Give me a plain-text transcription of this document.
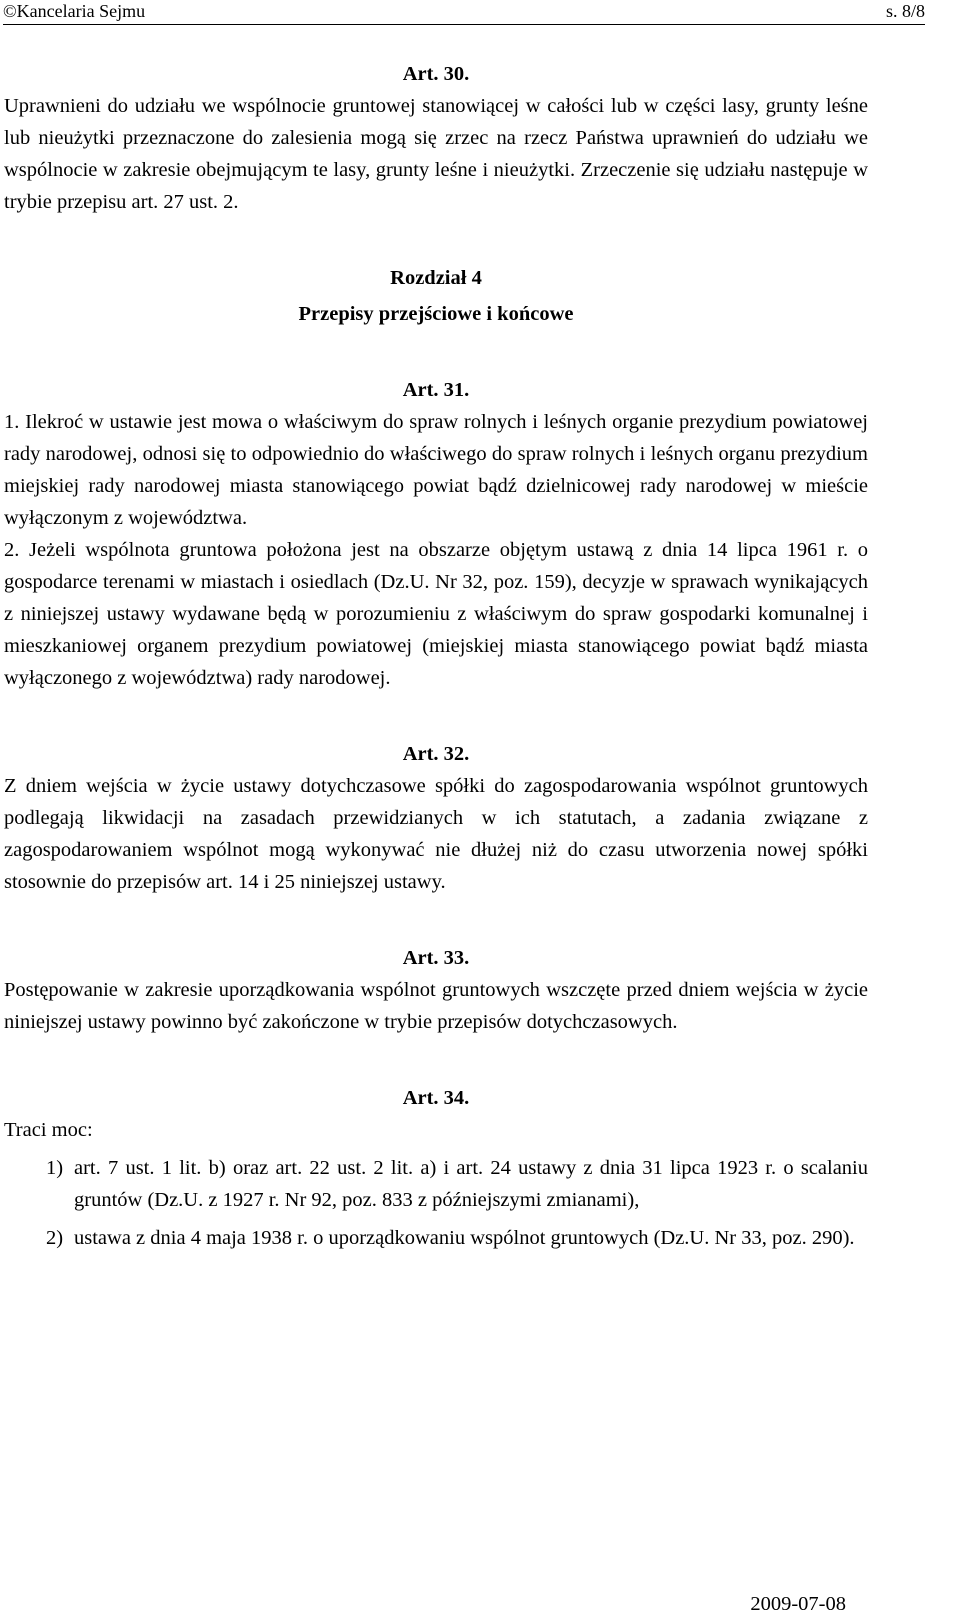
©Kancelaria Sejmu	s. 8/8
Art. 30.

Uprawnieni do udziału we wspólnocie gruntowej stanowiącej w całości lub w części lasy, grunty leśne lub nieużytki przeznaczone do zalesienia mogą się zrzec na rzecz Państwa uprawnień do udziału we wspólnocie w zakresie obejmującym te lasy, grunty leśne i nieużytki. Zrzeczenie się udziału następuje w trybie przepisu art. 27 ust. 2.

Rozdział 4
Przepisy przejściowe i końcowe
Art. 31.

1. Ilekroć w ustawie jest mowa o właściwym do spraw rolnych i leśnych organie prezydium powiatowej rady narodowej, odnosi się to odpowiednio do właściwego do spraw rolnych i leśnych organu prezydium miejskiej rady narodowej miasta stanowiącego powiat bądź dzielnicowej rady narodowej w mieście wyłączonym z województwa.

2. Jeżeli wspólnota gruntowa położona jest na obszarze objętym ustawą z dnia 14 lipca 1961 r. o gospodarce terenami w miastach i osiedlach (Dz.U. Nr 32, poz. 159), decyzje w sprawach wynikających z niniejszej ustawy wydawane będą w porozumieniu z właściwym do spraw gospodarki komunalnej i mieszkaniowej organem prezydium powiatowej (miejskiej miasta stanowiącego powiat bądź miasta wyłączonego z województwa) rady narodowej.

Art. 32.

Z dniem wejścia w życie ustawy dotychczasowe spółki do zagospodarowania wspólnot gruntowych podlegają likwidacji na zasadach przewidzianych w ich statutach, a zadania związane z zagospodarowaniem wspólnot mogą wykonywać nie dłużej niż do czasu utworzenia nowej spółki stosownie do przepisów art. 14 i 25 niniejszej ustawy.

Art. 33.

Postępowanie w zakresie uporządkowania wspólnot gruntowych wszczęte przed dniem wejścia w życie niniejszej ustawy powinno być zakończone w trybie przepisów dotychczasowych.

Art. 34.

Traci moc:

1) art. 7 ust. 1 lit. b) oraz art. 22 ust. 2 lit. a) i art. 24 ustawy z dnia 31 lipca 1923 r. o scalaniu gruntów (Dz.U. z 1927 r. Nr 92, poz. 833 z późniejszymi zmianami),
2) ustawa z dnia 4 maja 1938 r. o uporządkowaniu wspólnot gruntowych (Dz.U. Nr 33, poz. 290).
2009-07-08
